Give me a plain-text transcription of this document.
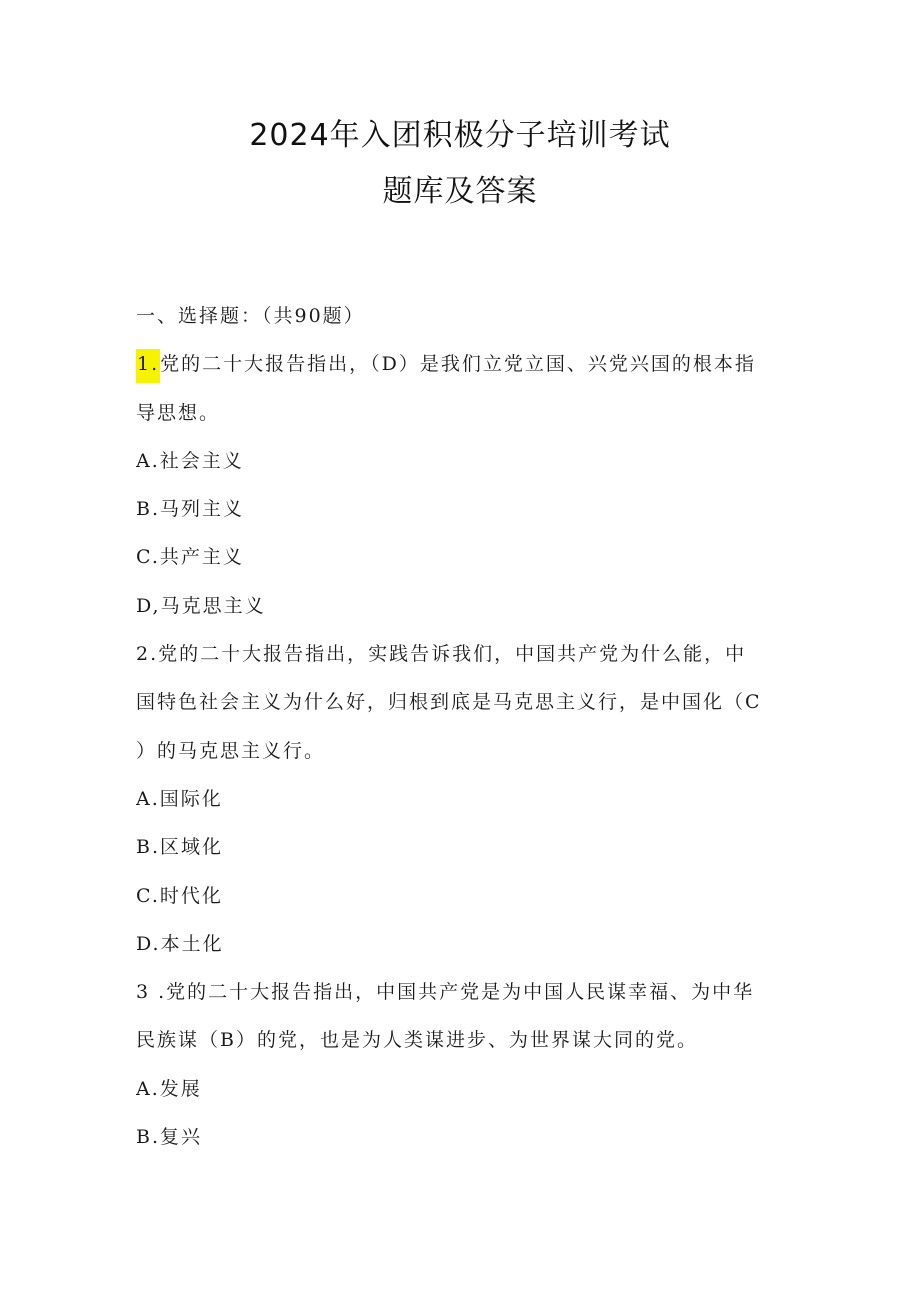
2024年入团积极分子培训考试
题库及答案
一、选择题：（共90题）
1.党的二十大报告指出，（D）是我们立党立国、兴党兴国的根本指
导思想。
A.社会主义
B.马列主义
C.共产主义
D,马克思主义
2.党的二十大报告指出，实践告诉我们，中国共产党为什么能，中
国特色社会主义为什么好，归根到底是马克思主义行，是中国化（C
）的马克思主义行。
A.国际化
B.区域化
C.时代化
D.本土化
3 .党的二十大报告指出，中国共产党是为中国人民谋幸福、为中华
民族谋（B）的党，也是为人类谋进步、为世界谋大同的党。
A.发展
B.复兴
